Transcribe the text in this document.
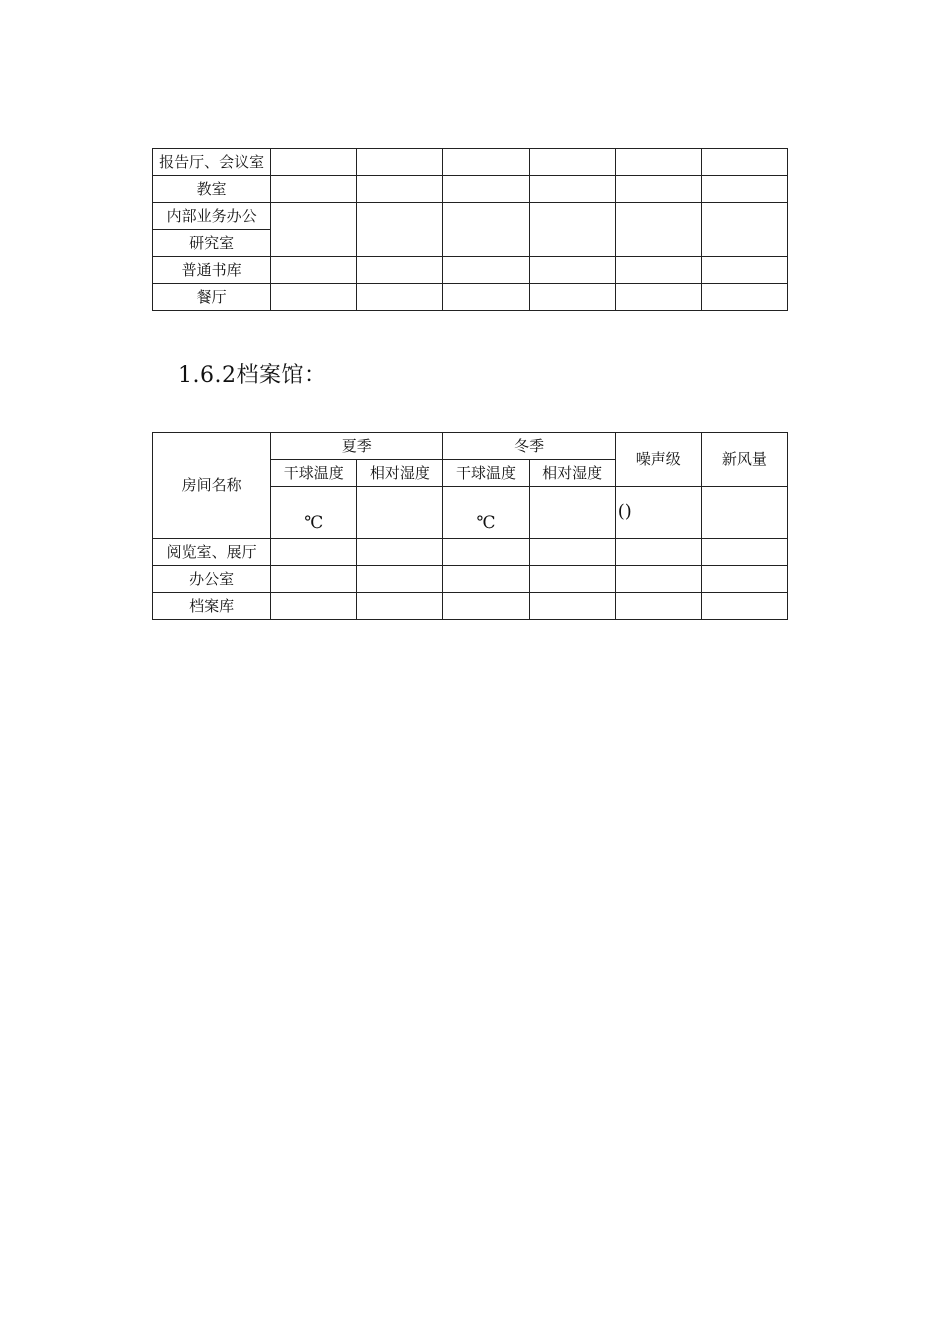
报告厅、会议室						
教室						
内部业务办公						
研究室						
普通书库						
餐厅						
1.6.2档案馆：
房间名称	夏季		冬季		噪声级	新风量
	干球温度	相对湿度	干球温度	相对湿度		
	℃		℃		()	
阅览室、展厅						
办公室						
档案库						
